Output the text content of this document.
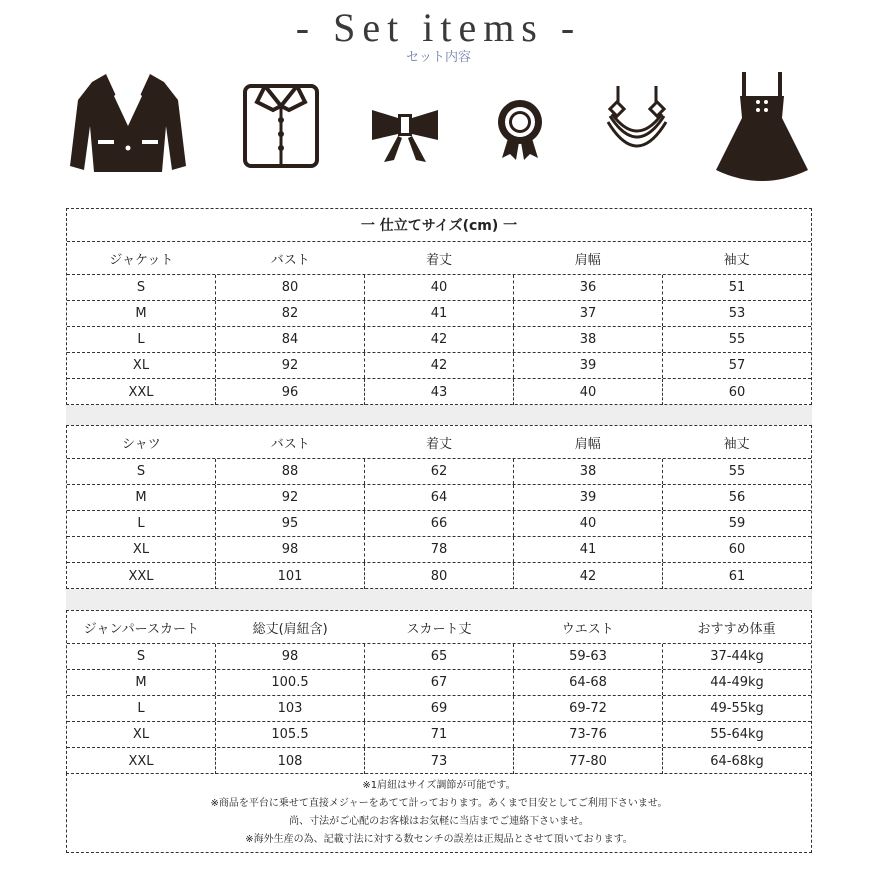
- Set items -
セット内容
一 仕立てサイズ(cm) 一
ジャケット	バスト	着丈	肩幅	袖丈
S	80	40	36	51
M	82	41	37	53
L	84	42	38	55
XL	92	42	39	57
XXL	96	43	40	60
シャツ	バスト	着丈	肩幅	袖丈
S	88	62	38	55
M	92	64	39	56
L	95	66	40	59
XL	98	78	41	60
XXL	101	80	42	61
ジャンパースカート	総丈(肩紐含)	スカート丈	ウエスト	おすすめ体重
S	98	65	59-63	37-44kg
M	100.5	67	64-68	44-49kg
L	103	69	69-72	49-55kg
XL	105.5	71	73-76	55-64kg
XXL	108	73	77-80	64-68kg
※1肩紐はサイズ調節が可能です。
※商品を平台に乗せて直接メジャーをあてて計っております。あくまで目安としてご利用下さいませ。
尚、寸法がご心配のお客様はお気軽に当店までご連絡下さいませ。
※海外生産の為、記載寸法に対する数センチの誤差は正規品とさせて頂いております。
